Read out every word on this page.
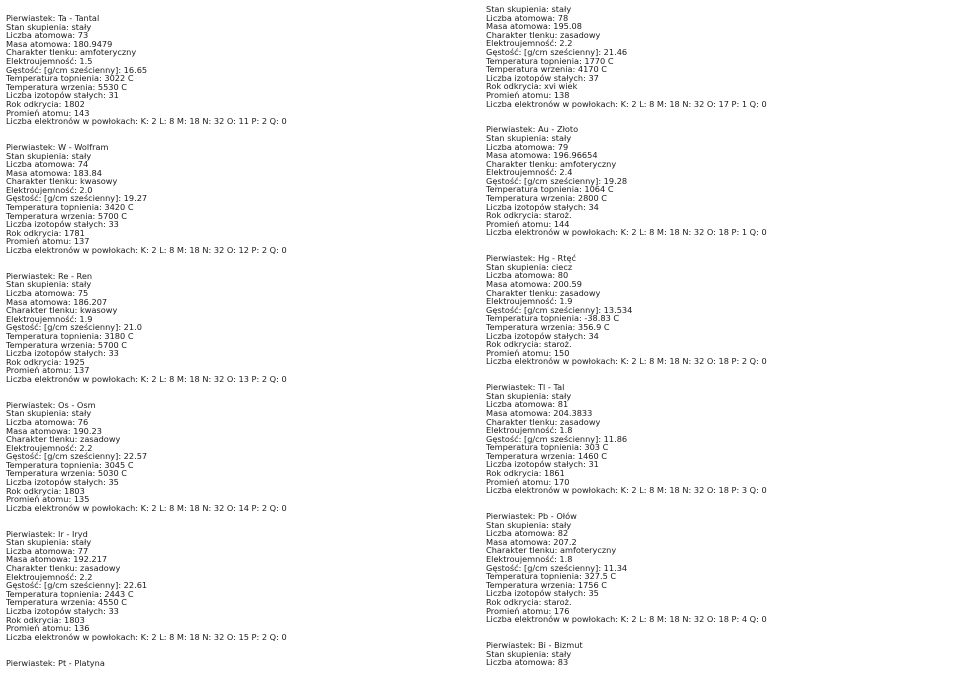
Pierwiastek: Ta - Tantal
Stan skupienia: stały
Liczba atomowa: 73
Masa atomowa: 180.9479
Charakter tlenku: amfoteryczny
Elektroujemność: 1.5
Gęstość: [g/cm sześcienny]: 16.65
Temperatura topnienia: 3022 C
Temperatura wrzenia: 5530 C
Liczba izotopów stałych: 31
Rok odkrycia: 1802
Promień atomu: 143
Liczba elektronów w powłokach: K: 2 L: 8 M: 18 N: 32 O: 11 P: 2 Q: 0
Pierwiastek: W - Wolfram
Stan skupienia: stały
Liczba atomowa: 74
Masa atomowa: 183.84
Charakter tlenku: kwasowy
Elektroujemność: 2.0
Gęstość: [g/cm sześcienny]: 19.27
Temperatura topnienia: 3420 C
Temperatura wrzenia: 5700 C
Liczba izotopów stałych: 33
Rok odkrycia: 1781
Promień atomu: 137
Liczba elektronów w powłokach: K: 2 L: 8 M: 18 N: 32 O: 12 P: 2 Q: 0
Pierwiastek: Re - Ren
Stan skupienia: stały
Liczba atomowa: 75
Masa atomowa: 186.207
Charakter tlenku: kwasowy
Elektroujemność: 1.9
Gęstość: [g/cm sześcienny]: 21.0
Temperatura topnienia: 3180 C
Temperatura wrzenia: 5700 C
Liczba izotopów stałych: 33
Rok odkrycia: 1925
Promień atomu: 137
Liczba elektronów w powłokach: K: 2 L: 8 M: 18 N: 32 O: 13 P: 2 Q: 0
Pierwiastek: Os - Osm
Stan skupienia: stały
Liczba atomowa: 76
Masa atomowa: 190.23
Charakter tlenku: zasadowy
Elektroujemność: 2.2
Gęstość: [g/cm sześcienny]: 22.57
Temperatura topnienia: 3045 C
Temperatura wrzenia: 5030 C
Liczba izotopów stałych: 35
Rok odkrycia: 1803
Promień atomu: 135
Liczba elektronów w powłokach: K: 2 L: 8 M: 18 N: 32 O: 14 P: 2 Q: 0
Pierwiastek: Ir - Iryd
Stan skupienia: stały
Liczba atomowa: 77
Masa atomowa: 192.217
Charakter tlenku: zasadowy
Elektroujemność: 2.2
Gęstość: [g/cm sześcienny]: 22.61
Temperatura topnienia: 2443 C
Temperatura wrzenia: 4550 C
Liczba izotopów stałych: 33
Rok odkrycia: 1803
Promień atomu: 136
Liczba elektronów w powłokach: K: 2 L: 8 M: 18 N: 32 O: 15 P: 2 Q: 0
Pierwiastek: Pt - Platyna
Stan skupienia: stały
Liczba atomowa: 78
Masa atomowa: 195.08
Charakter tlenku: zasadowy
Elektroujemność: 2.2
Gęstość: [g/cm sześcienny]: 21.46
Temperatura topnienia: 1770 C
Temperatura wrzenia: 4170 C
Liczba izotopów stałych: 37
Rok odkrycia: xvi wiek
Promień atomu: 138
Liczba elektronów w powłokach: K: 2 L: 8 M: 18 N: 32 O: 17 P: 1 Q: 0
Pierwiastek: Au - Złoto
Stan skupienia: stały
Liczba atomowa: 79
Masa atomowa: 196.96654
Charakter tlenku: amfoteryczny
Elektroujemność: 2.4
Gęstość: [g/cm sześcienny]: 19.28
Temperatura topnienia: 1064 C
Temperatura wrzenia: 2800 C
Liczba izotopów stałych: 34
Rok odkrycia: staroż.
Promień atomu: 144
Liczba elektronów w powłokach: K: 2 L: 8 M: 18 N: 32 O: 18 P: 1 Q: 0
Pierwiastek: Hg - Rtęć
Stan skupienia: ciecz
Liczba atomowa: 80
Masa atomowa: 200.59
Charakter tlenku: zasadowy
Elektroujemność: 1.9
Gęstość: [g/cm sześcienny]: 13.534
Temperatura topnienia: -38.83 C
Temperatura wrzenia: 356.9 C
Liczba izotopów stałych: 34
Rok odkrycia: staroż.
Promień atomu: 150
Liczba elektronów w powłokach: K: 2 L: 8 M: 18 N: 32 O: 18 P: 2 Q: 0
Pierwiastek: Tl - Tal
Stan skupienia: stały
Liczba atomowa: 81
Masa atomowa: 204.3833
Charakter tlenku: zasadowy
Elektroujemność: 1.8
Gęstość: [g/cm sześcienny]: 11.86
Temperatura topnienia: 303 C
Temperatura wrzenia: 1460 C
Liczba izotopów stałych: 31
Rok odkrycia: 1861
Promień atomu: 170
Liczba elektronów w powłokach: K: 2 L: 8 M: 18 N: 32 O: 18 P: 3 Q: 0
Pierwiastek: Pb - Ołów
Stan skupienia: stały
Liczba atomowa: 82
Masa atomowa: 207.2
Charakter tlenku: amfoteryczny
Elektroujemność: 1.8
Gęstość: [g/cm sześcienny]: 11.34
Temperatura topnienia: 327.5 C
Temperatura wrzenia: 1756 C
Liczba izotopów stałych: 35
Rok odkrycia: staroż.
Promień atomu: 176
Liczba elektronów w powłokach: K: 2 L: 8 M: 18 N: 32 O: 18 P: 4 Q: 0
Pierwiastek: Bi - Bizmut
Stan skupienia: stały
Liczba atomowa: 83
